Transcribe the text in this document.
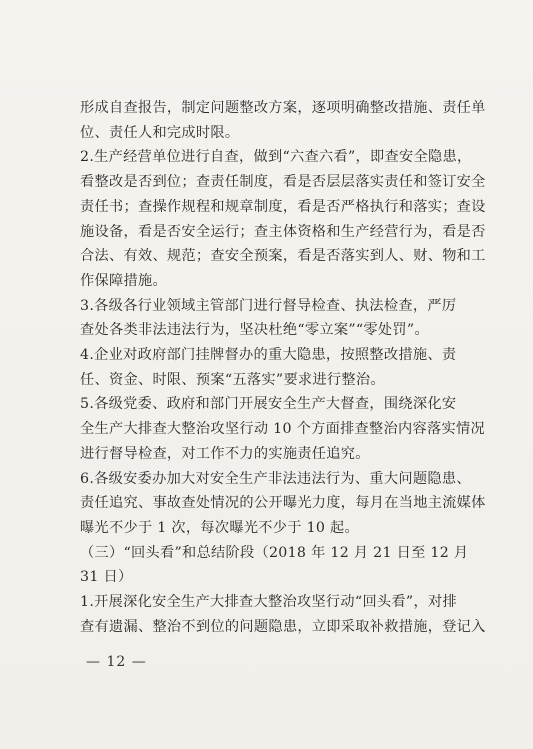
形成自查报告，制定问题整改方案，逐项明确整改措施、责任单
位、责任人和完成时限。
2.生产经营单位进行自查，做到“六查六看”，即查安全隐患，
看整改是否到位；查责任制度，看是否层层落实责任和签订安全
责任书；查操作规程和规章制度，看是否严格执行和落实；查设
施设备，看是否安全运行；查主体资格和生产经营行为，看是否
合法、有效、规范；查安全预案，看是否落实到人、财、物和工
作保障措施。
3.各级各行业领域主管部门进行督导检查、执法检查，严厉
查处各类非法违法行为，坚决杜绝“零立案”“零处罚”。
4.企业对政府部门挂牌督办的重大隐患，按照整改措施、责
任、资金、时限、预案“五落实”要求进行整治。
5.各级党委、政府和部门开展安全生产大督查，围绕深化安
全生产大排查大整治攻坚行动 10 个方面排查整治内容落实情况
进行督导检查，对工作不力的实施责任追究。
6.各级安委办加大对安全生产非法违法行为、重大问题隐患、
责任追究、事故查处情况的公开曝光力度，每月在当地主流媒体
曝光不少于 1 次，每次曝光不少于 10 起。
（三）“回头看”和总结阶段（2018 年 12 月 21 日至 12 月
31 日）
1.开展深化安全生产大排查大整治攻坚行动“回头看”，对排
查有遗漏、整治不到位的问题隐患，立即采取补救措施，登记入
— 12 —
